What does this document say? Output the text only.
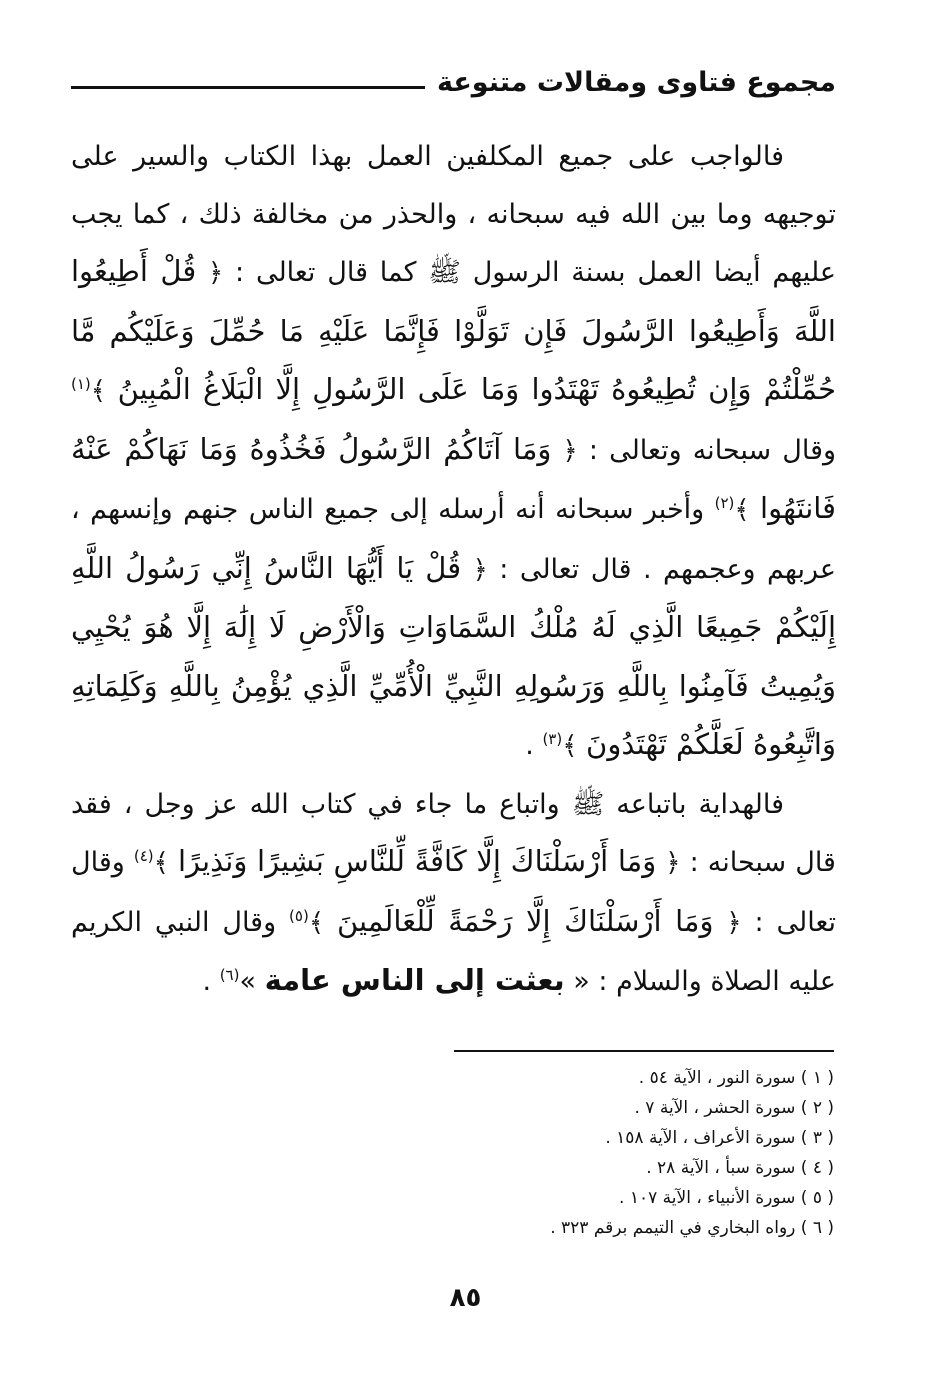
مجموع فتاوى ومقالات متنوعة

فالواجب على جميع المكلفين العمل بهذا الكتاب والسير على توجيهه وما بين الله فيه سبحانه ، والحذر من مخالفة ذلك ، كما يجب عليهم أيضا العمل بسنة الرسول ﷺ كما قال تعالى : ﴿ قُلْ أَطِيعُوا اللَّهَ وَأَطِيعُوا الرَّسُولَ فَإِن تَوَلَّوْا فَإِنَّمَا عَلَيْهِ مَا حُمِّلَ وَعَلَيْكُم مَّا حُمِّلْتُمْ وَإِن تُطِيعُوهُ تَهْتَدُوا وَمَا عَلَى الرَّسُولِ إِلَّا الْبَلَاغُ الْمُبِينُ ﴾$^{(١)}$ وقال سبحانه وتعالى : ﴿ وَمَا آتَاكُمُ الرَّسُولُ فَخُذُوهُ وَمَا نَهَاكُمْ عَنْهُ فَانتَهُوا ﴾$^{(٢)}$ وأخبر سبحانه أنه أرسله إلى جميع الناس جنهم وإنسهم ، عربهم وعجمهم . قال تعالى : ﴿ قُلْ يَا أَيُّهَا النَّاسُ إِنِّي رَسُولُ اللَّهِ إِلَيْكُمْ جَمِيعًا الَّذِي لَهُ مُلْكُ السَّمَاوَاتِ وَالْأَرْضِ لَا إِلَٰهَ إِلَّا هُوَ يُحْيِي وَيُمِيتُ فَآمِنُوا بِاللَّهِ وَرَسُولِهِ النَّبِيِّ الْأُمِّيِّ الَّذِي يُؤْمِنُ بِاللَّهِ وَكَلِمَاتِهِ وَاتَّبِعُوهُ لَعَلَّكُمْ تَهْتَدُونَ ﴾$^{(٣)}$ .

فالهداية باتباعه ﷺ واتباع ما جاء في كتاب الله عز وجل ، فقد قال سبحانه : ﴿ وَمَا أَرْسَلْنَاكَ إِلَّا كَافَّةً لِّلنَّاسِ بَشِيرًا وَنَذِيرًا ﴾$^{(٤)}$ وقال تعالى : ﴿ وَمَا أَرْسَلْنَاكَ إِلَّا رَحْمَةً لِّلْعَالَمِينَ ﴾$^{(٥)}$ وقال النبي الكريم عليه الصلاة والسلام : « بعثت إلى الناس عامة »$^{(٦)}$ .

( ١ ) سورة النور ، الآية ٥٤ .
( ٢ ) سورة الحشر ، الآية ٧ .
( ٣ ) سورة الأعراف ، الآية ١٥٨ .
( ٤ ) سورة سبأ ، الآية ٢٨ .
( ٥ ) سورة الأنبياء ، الآية ١٠٧ .
( ٦ ) رواه البخاري في التيمم برقم ٣٢٣ .
٨٥
